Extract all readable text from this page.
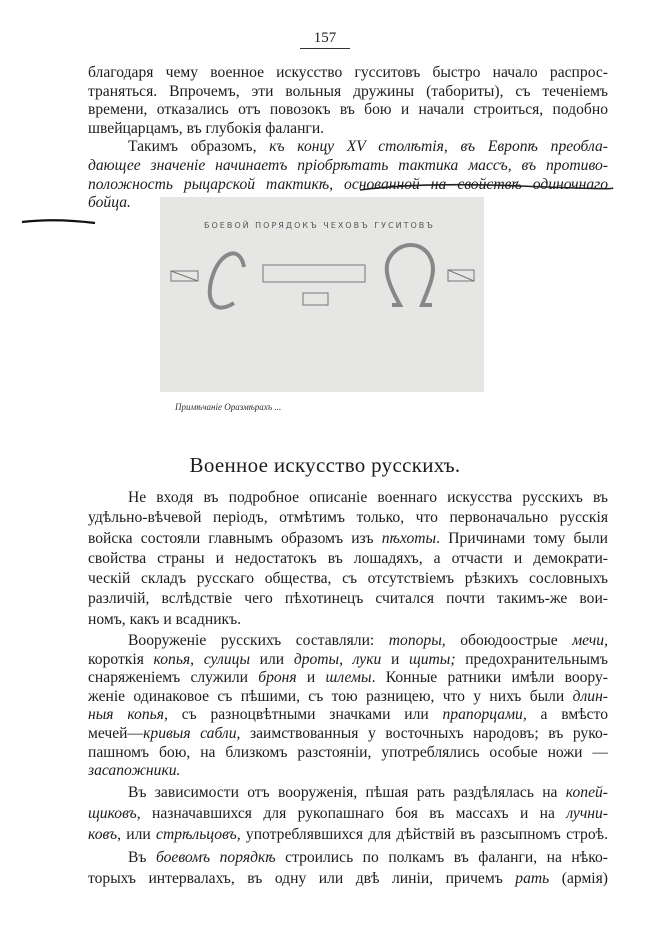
157
благодаря чему военное искусство гусситовъ быстро начало распрос-
траняться. Впрочемъ, эти вольныя дружины (табориты), съ теченіемъ
времени, отказались отъ повозокъ въ бою и начали строиться, подобно
швейцарцамъ, въ глубокія фаланги.
Такимъ образомъ, къ концу XV столѣтія, въ Европѣ преобла-
дающее значеніе начинаетъ пріобрѣтать тактика массъ, въ противо-
положность рыцарской тактикѣ, основанной на свойствѣ одиночнаго
бойца.
БОЕВОЙ ПОРЯДОКЪ ЧЕХОВЪ ГУСИТОВЪ
Примѣчаніе Оразмѣрахъ ...
Военное искусство русскихъ.
Не входя въ подробное описаніе военнаго искусства русскихъ въ
удѣльно-вѣчевой періодъ, отмѣтимъ только, что первоначально русскія
войска состояли главнымъ образомъ изъ пѣхоты. Причинами тому были
свойства страны и недостатокъ въ лошадяхъ, а отчасти и демократи-
ческій складъ русскаго общества, съ отсутствіемъ рѣзкихъ сословныхъ
различій, вслѣдствіе чего пѣхотинецъ считался почти такимъ-же вои-
номъ, какъ и всадникъ.
Вооруженіе русскихъ составляли: топоры, обоюдоострые мечи,
короткія копья, сулицы или дроты, луки и щиты; предохранительнымъ
снаряженіемъ служили броня и шлемы. Конные ратники имѣли воору-
женіе одинаковое съ пѣшими, съ тою разницею, что у нихъ были длин-
ныя копья, съ разноцвѣтными значками или прапорцами, а вмѣсто
мечей—кривыя сабли, заимствованныя у восточныхъ народовъ; въ руко-
пашномъ бою, на близкомъ разстояніи, употреблялись особые ножи —
засапожники.
Въ зависимости отъ вооруженія, пѣшая рать раздѣлялась на копей-
щиковъ, назначавшихся для рукопашнаго боя въ массахъ и на лучни-
ковъ, или стрѣльцовъ, употреблявшихся для дѣйствій въ разсыпномъ строѣ.
Въ боевомъ порядкѣ строились по полкамъ въ фаланги, на нѣко-
торыхъ интервалахъ, въ одну или двѣ линіи, причемъ рать (армія)
